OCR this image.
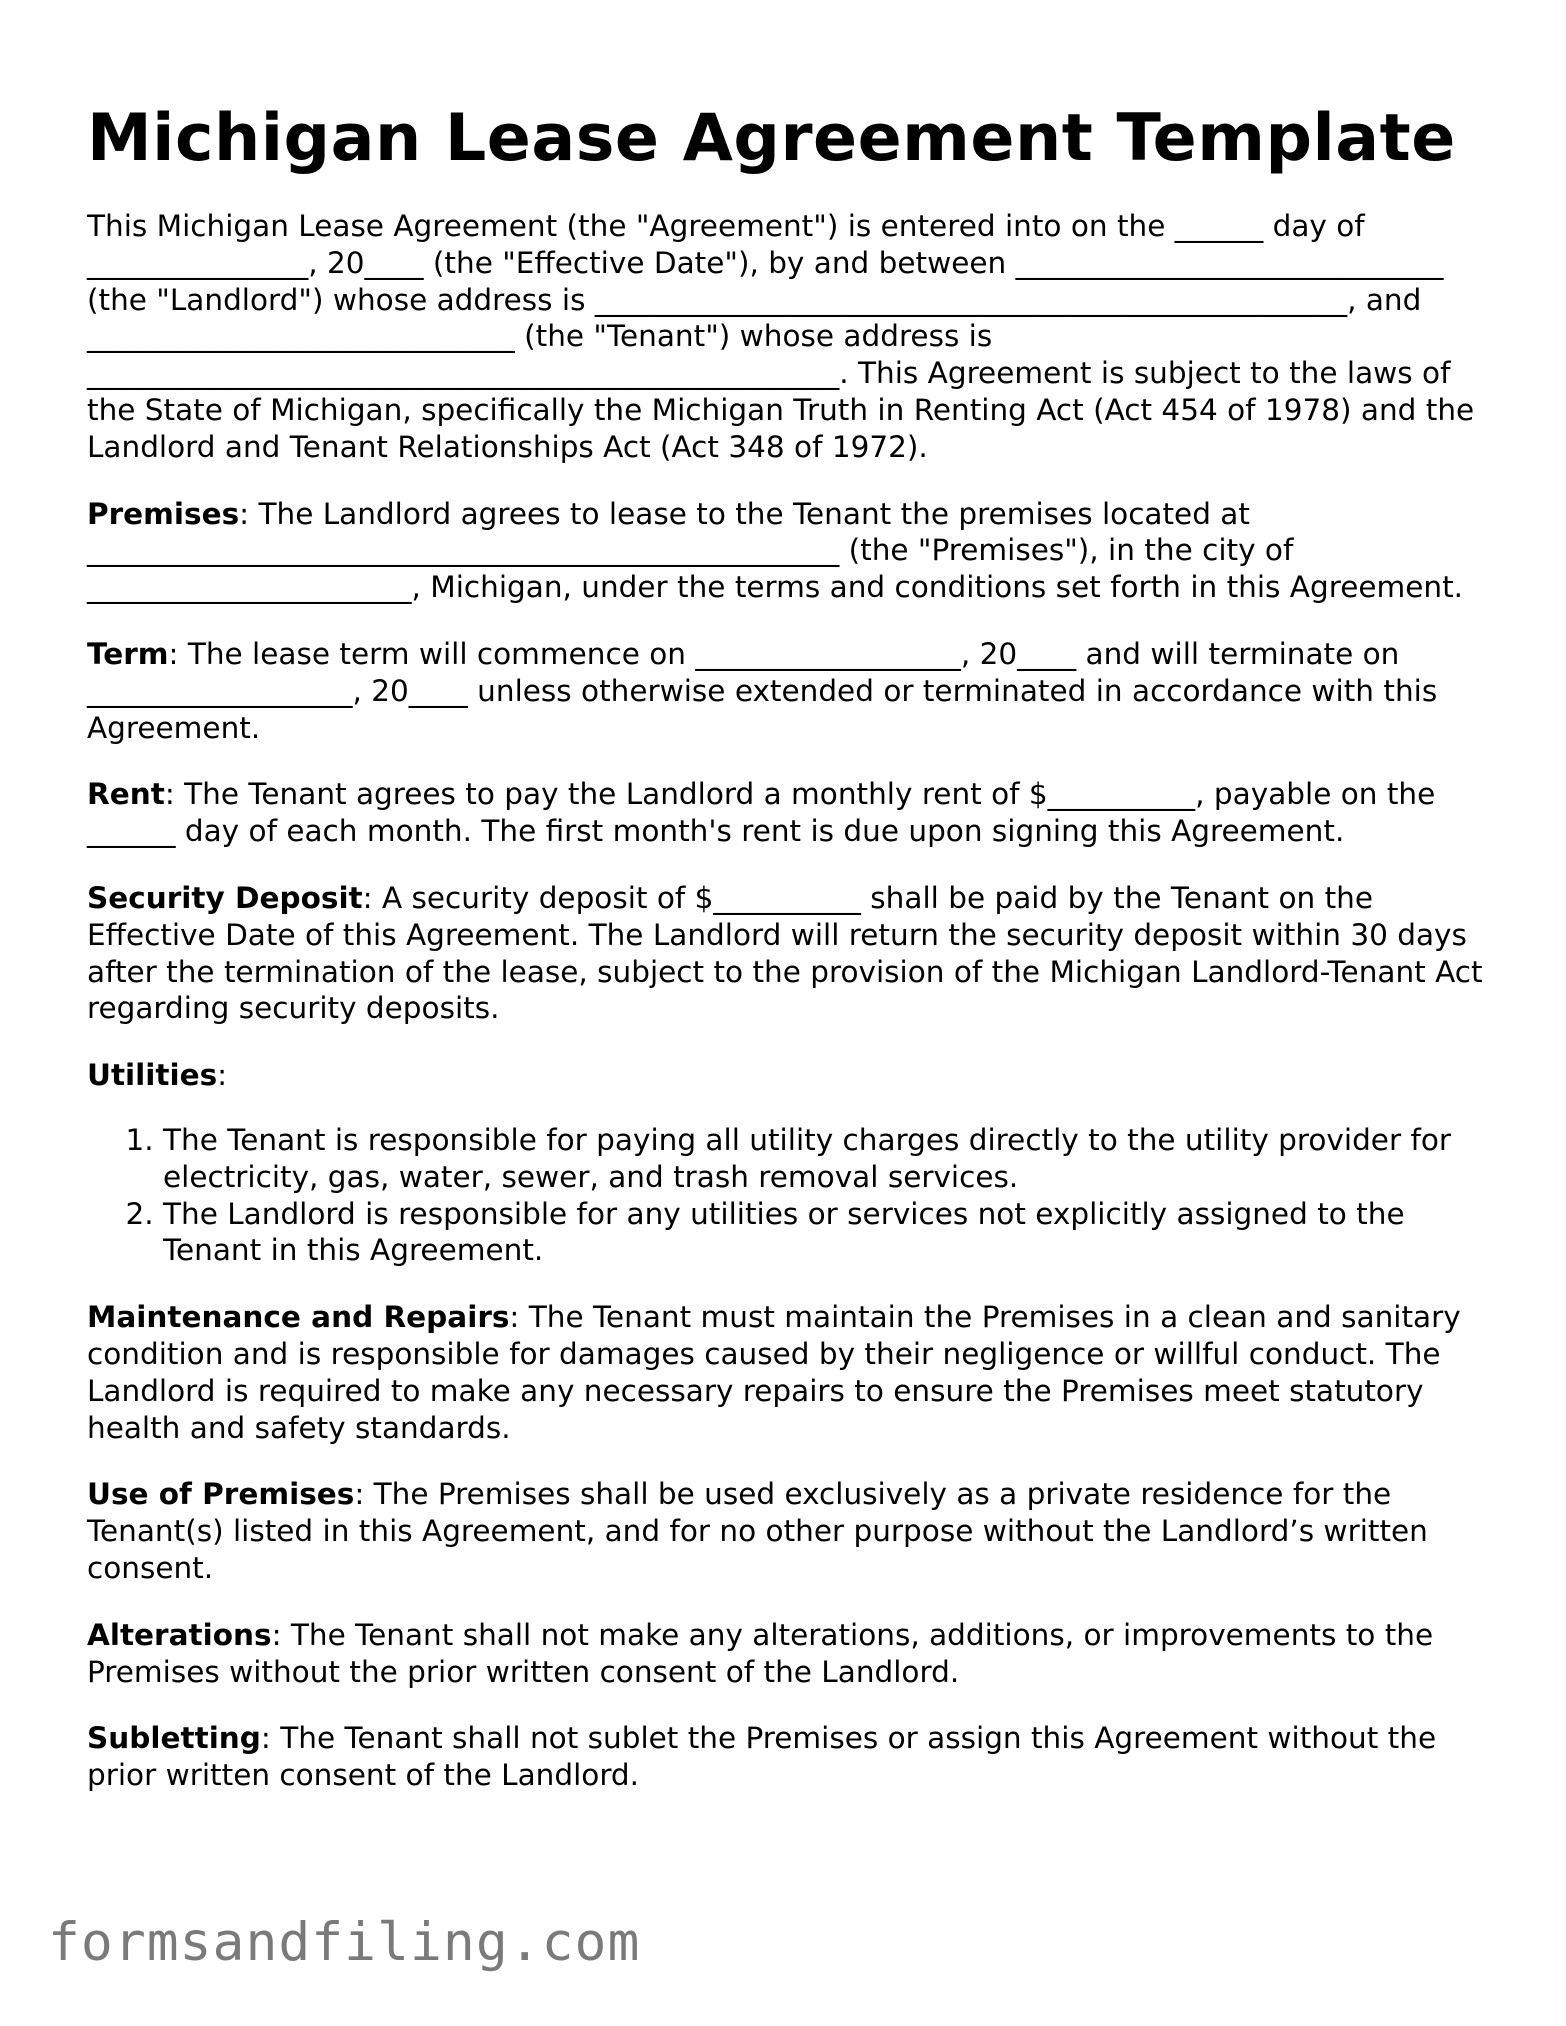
Michigan Lease Agreement Template

This Michigan Lease Agreement (the "Agreement") is entered into on the ______ day of _______________, 20____ (the "Effective Date"), by and between _____________________________ (the "Landlord") whose address is ___________________________________________________, and _____________________________ (the "Tenant") whose address is ___________________________________________________. This Agreement is subject to the laws of the State of Michigan, specifically the Michigan Truth in Renting Act (Act 454 of 1978) and the Landlord and Tenant Relationships Act (Act 348 of 1972).

Premises: The Landlord agrees to lease to the Tenant the premises located at ___________________________________________________ (the "Premises"), in the city of ______________________, Michigan, under the terms and conditions set forth in this Agreement.

Term: The lease term will commence on __________________, 20____ and will terminate on __________________, 20____ unless otherwise extended or terminated in accordance with this Agreement.

Rent: The Tenant agrees to pay the Landlord a monthly rent of $__________, payable on the ______ day of each month. The first month's rent is due upon signing this Agreement.

Security Deposit: A security deposit of $__________ shall be paid by the Tenant on the Effective Date of this Agreement. The Landlord will return the security deposit within 30 days after the termination of the lease, subject to the provision of the Michigan Landlord-Tenant Act regarding security deposits.

Utilities:

1. The Tenant is responsible for paying all utility charges directly to the utility provider for electricity, gas, water, sewer, and trash removal services.
2. The Landlord is responsible for any utilities or services not explicitly assigned to the Tenant in this Agreement.

Maintenance and Repairs: The Tenant must maintain the Premises in a clean and sanitary condition and is responsible for damages caused by their negligence or willful conduct. The Landlord is required to make any necessary repairs to ensure the Premises meet statutory health and safety standards.

Use of Premises: The Premises shall be used exclusively as a private residence for the Tenant(s) listed in this Agreement, and for no other purpose without the Landlord’s written consent.

Alterations: The Tenant shall not make any alterations, additions, or improvements to the Premises without the prior written consent of the Landlord.

Subletting: The Tenant shall not sublet the Premises or assign this Agreement without the prior written consent of the Landlord.

formsandfiling.com
